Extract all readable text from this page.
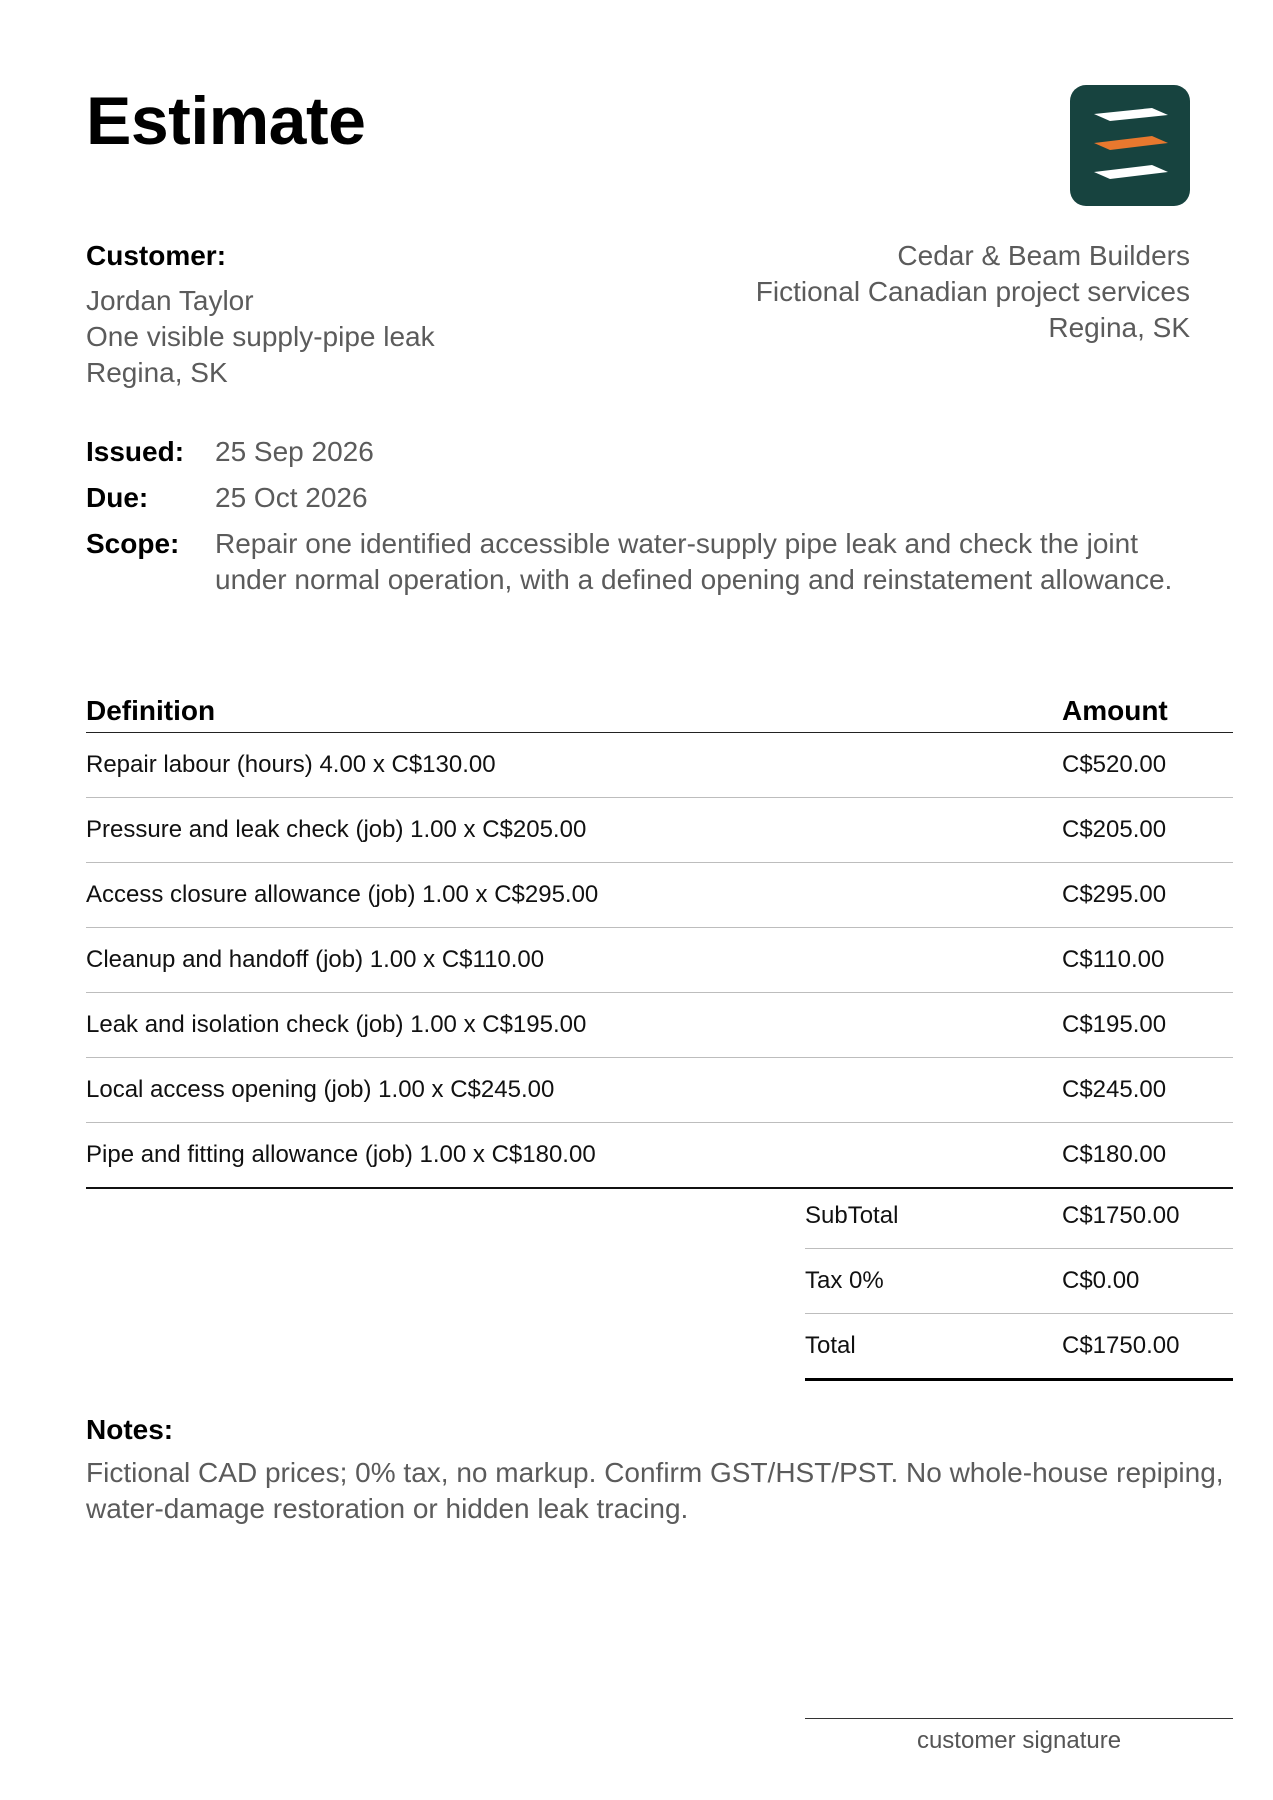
Estimate
Customer:
Jordan Taylor
One visible supply-pipe leak
Regina, SK
Cedar & Beam Builders
Fictional Canadian project services
Regina, SK
Issued:	25 Sep 2026
Due:	25 Oct 2026
Scope:	Repair one identified accessible water-supply pipe leak and check the joint under normal operation, with a defined opening and reinstatement allowance.
Definition	Amount
Repair labour (hours) 4.00 x C$130.00	C$520.00
Pressure and leak check (job) 1.00 x C$205.00	C$205.00
Access closure allowance (job) 1.00 x C$295.00	C$295.00
Cleanup and handoff (job) 1.00 x C$110.00	C$110.00
Leak and isolation check (job) 1.00 x C$195.00	C$195.00
Local access opening (job) 1.00 x C$245.00	C$245.00
Pipe and fitting allowance (job) 1.00 x C$180.00	C$180.00
SubTotal	C$1750.00
Tax 0%	C$0.00
Total	C$1750.00
Notes:
Fictional CAD prices; 0% tax, no markup. Confirm GST/HST/PST. No whole-house repiping, water-damage restoration or hidden leak tracing.
customer signature
